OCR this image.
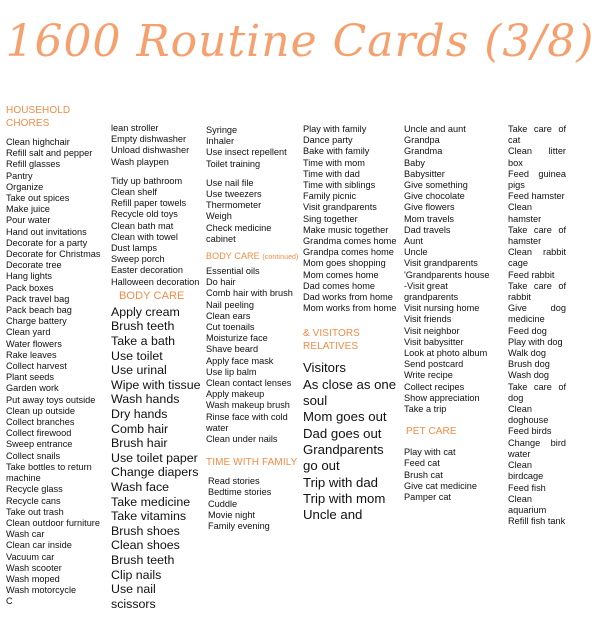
1600 Routine Cards (3/8)
HOUSEHOLD CHORES
Clean highchair
Refill salt and pepper
Refill glasses
Pantry
Organize
Take out spices
Make juice
Pour water
Hand out invitations
Decorate for a party
Decorate for Christmas
Decorate tree
Hang lights
Pack boxes
Pack travel bag
Pack beach bag
Charge battery
Clean yard
Water flowers
Rake leaves
Collect harvest
Plant seeds
Garden work
Put away toys outside
Clean up outside
Collect branches
Collect firewood
Sweep entrance
Collect snails
Take bottles to return machine
Recycle glass
Recycle cans
Take out trash
Clean outdoor furniture
Wash car
Clean car inside
Vacuum car
Wash scooter
Wash moped
Wash motorcycle
C
lean stroller
Empty dishwasher
Unload dishwasher
Wash playpen
Tidy up bathroom
Clean shelf
Refill paper towels
Recycle old toys
Clean bath mat
Clean with towel
Dust lamps
Sweep porch
Easter decoration
Halloween decoration
BODY CARE
Apply cream
Brush teeth
Take a bath
Use toilet
Use urinal
Wipe with tissue
Wash hands
Dry hands
Comb hair
Brush hair
Use toilet paper
Change diapers
Wash face
Take medicine
Take vitamins
Brush shoes
Clean shoes
Brush teeth
Clip nails
Use nail scissors
Syringe
Inhaler
Use insect repellent
Toilet training
Use nail file
Use tweezers
Thermometer
Weigh
Check medicine cabinet
BODY CARE (continued)
Essential oils
Do hair
Comb hair with brush
Nail peeling
Clean ears
Cut toenails
Moisturize face
Shave beard
Apply face mask
Use lip balm
Clean contact lenses
Apply makeup
Wash makeup brush
Rinse face with cold water
Clean under nails
TIME WITH FAMILY
Read stories
Bedtime stories
Cuddle
Movie night
Family evening
Play with family
Dance party
Bake with family
Time with mom
Time with dad
Time with siblings
Family picnic
Visit grandparents
Sing together
Make music together
Grandma comes home
Grandpa comes home
Mom goes shopping
Mom comes home
Dad comes home
Dad works from home
Mom works from home
& VISITORS RELATIVES
Visitors
As close as one soul
Mom goes out
Dad goes out
Grandparents go out
Trip with dad
Trip with mom
Uncle and
Uncle and aunt
Grandpa
Grandma
Baby
Babysitter
Give something
Give chocolate
Give flowers
Mom travels
Dad travels
Aunt
Uncle
Visit grandparents
'Grandparents house
-Visit great grandparents
Visit nursing home
Visit friends
Visit neighbor
Visit babysitter
Look at photo album
Send postcard
Write recipe
Collect recipes
Show appreciation
Take a trip
PET CARE
Play with cat
Feed cat
Brush cat
Give cat medicine
Pamper cat
Take care of cat
Clean litter box
Feed guinea pigs
Feed hamster
Clean hamster
Take care of hamster
Clean rabbit cage
Feed rabbit
Take care of rabbit
Give dog medicine
Feed dog
Play with dog
Walk dog
Brush dog
Wash dog
Take care of dog
Clean doghouse
Feed birds
Change bird water
Clean birdcage
Feed fish
Clean aquarium
Refill fish tank
